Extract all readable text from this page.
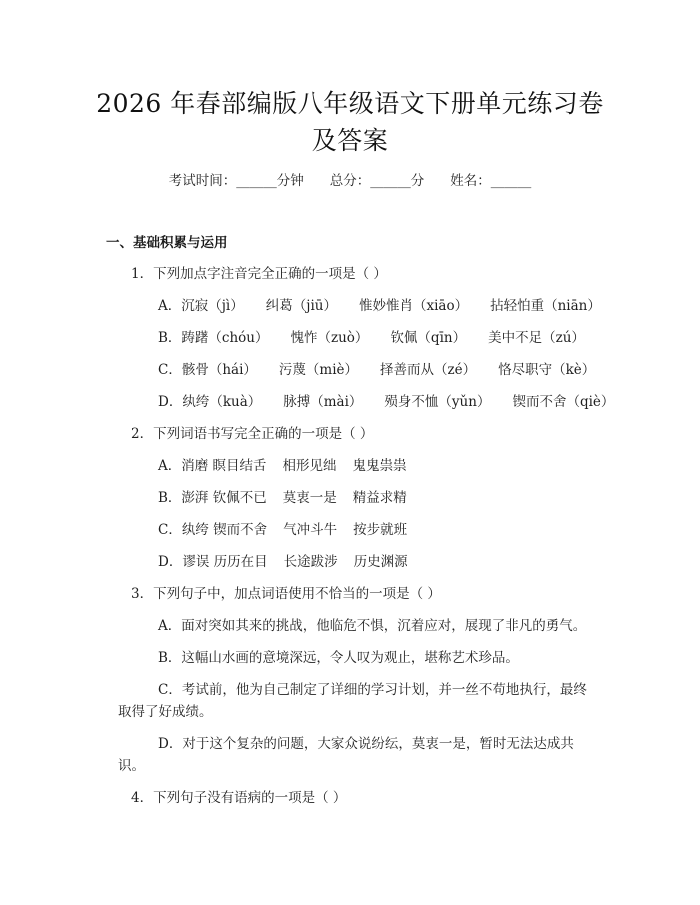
2026 年春部编版八年级语文下册单元练习卷
及答案
考试时间：______分钟 总分：______分 姓名：______
一、基础积累与运用
1．下列加点字注音完全正确的一项是（ ）
A．沉寂（jì） 纠葛（jiū） 惟妙惟肖（xiāo） 拈轻怕重（niān）
B．踌躇（chóu） 愧怍（zuò） 钦佩（qīn） 美中不足（zú）
C．骸骨（hái） 污蔑（miè） 择善而从（zé） 恪尽职守（kè）
D．纨绔（kuà） 脉搏（mài） 殒身不恤（yǔn） 锲而不舍（qiè）
2．下列词语书写完全正确的一项是（ ）
A．消磨 瞑目结舌 相形见绌 鬼鬼祟祟
B．澎湃 钦佩不已 莫衷一是 精益求精
C．纨绔 锲而不舍 气冲斗牛 按步就班
D．谬误 历历在目 长途跋涉 历史渊源
3．下列句子中，加点词语使用不恰当的一项是（ ）
A．面对突如其来的挑战，他临危不惧，沉着应对，展现了非凡的勇气。
B．这幅山水画的意境深远，令人叹为观止，堪称艺术珍品。
C．考试前，他为自己制定了详细的学习计划，并一丝不苟地执行，最终
取得了好成绩。
D．对于这个复杂的问题，大家众说纷纭，莫衷一是，暂时无法达成共
识。
4．下列句子没有语病的一项是（ ）
